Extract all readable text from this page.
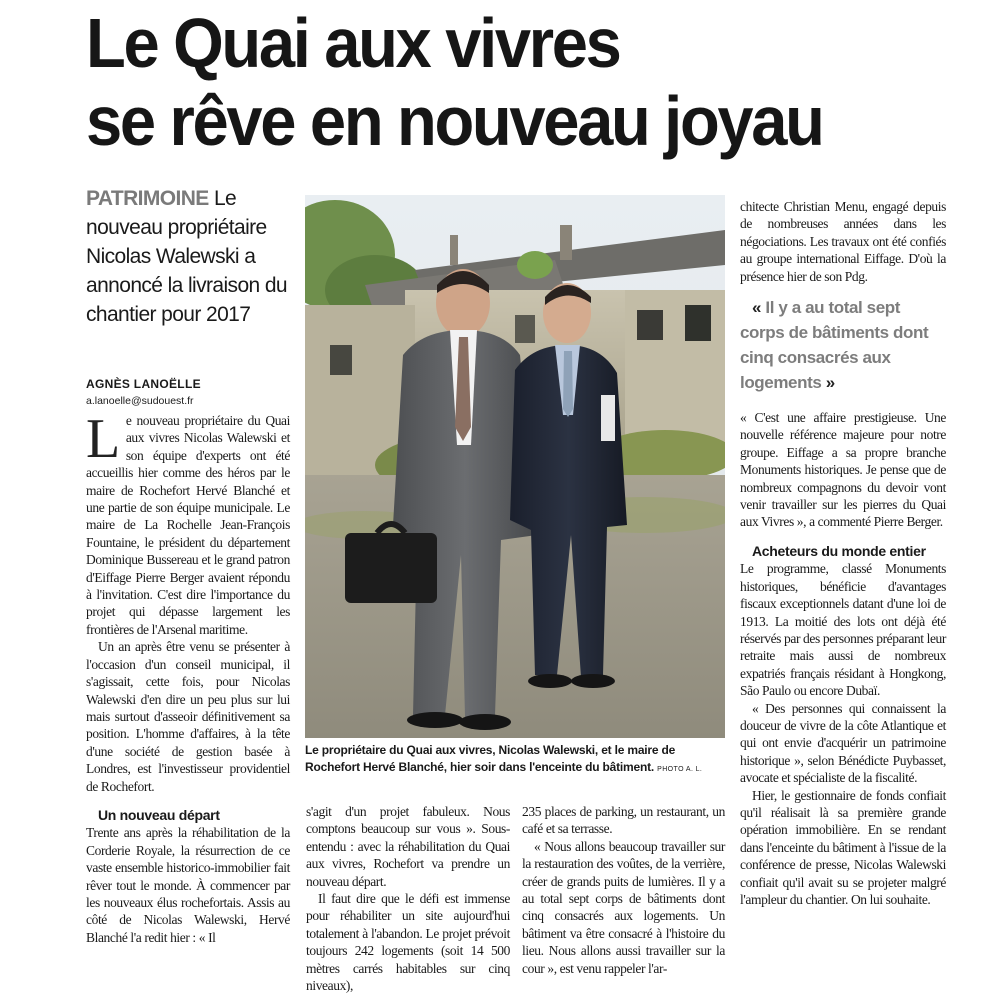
Le Quai aux vivres
se rêve en nouveau joyau
PATRIMOINE Le nouveau propriétaire Nicolas Walewski a annoncé la livraison du chantier pour 2017
AGNÈS LANOËLLE
a.lanoelle@sudouest.fr

Le nouveau propriétaire du Quai aux vivres Nicolas Walewski et son équipe d'experts ont été accueillis hier comme des héros par le maire de Rochefort Hervé Blanché et une partie de son équipe municipale. Le maire de La Rochelle Jean-François Fountaine, le président du département Dominique Bussereau et le grand patron d'Eiffage Pierre Berger avaient répondu à l'invitation. C'est dire l'importance du projet qui dépasse largement les frontières de l'Arsenal maritime.

Un an après être venu se présenter à l'occasion d'un conseil municipal, il s'agissait, cette fois, pour Nicolas Walewski d'en dire un peu plus sur lui mais surtout d'asseoir définitivement sa position. L'homme d'affaires, à la tête d'une société de gestion basée à Londres, est l'investisseur providentiel de Rochefort.

Un nouveau départ

Trente ans après la réhabilitation de la Corderie Royale, la résurrection de ce vaste ensemble historico-immobilier fait rêver tout le monde. À commencer par les nouveaux élus rochefortais. Assis au côté de Nicolas Walewski, Hervé Blanché l'a redit hier : « Il

Le propriétaire du Quai aux vivres, Nicolas Walewski, et le maire de Rochefort Hervé Blanché, hier soir dans l'enceinte du bâtiment. PHOTO A. L.

s'agit d'un projet fabuleux. Nous comptons beaucoup sur vous ». Sous-entendu : avec la réhabilitation du Quai aux vivres, Rochefort va prendre un nouveau départ.

Il faut dire que le défi est immense pour réhabiliter un site aujourd'hui totalement à l'abandon. Le projet prévoit toujours 242 logements (soit 14 500 mètres carrés habitables sur cinq niveaux),

235 places de parking, un restaurant, un café et sa terrasse.

« Nous allons beaucoup travailler sur la restauration des voûtes, de la verrière, créer de grands puits de lumières. Il y a au total sept corps de bâtiments dont cinq consacrés aux logements. Un bâtiment va être consacré à l'histoire du lieu. Nous allons aussi travailler sur la cour », est venu rappeler l'ar-

chitecte Christian Menu, engagé depuis de nombreuses années dans les négociations. Les travaux ont été confiés au groupe international Eiffage. D'où la présence hier de son Pdg.

« Il y a au total sept corps de bâtiments dont cinq consacrés aux logements »

« C'est une affaire prestigieuse. Une nouvelle référence majeure pour notre groupe. Eiffage a sa propre branche Monuments historiques. Je pense que de nombreux compagnons du devoir vont venir travailler sur les pierres du Quai aux Vivres », a commenté Pierre Berger.

Acheteurs du monde entier

Le programme, classé Monuments historiques, bénéficie d'avantages fiscaux exceptionnels datant d'une loi de 1913. La moitié des lots ont déjà été réservés par des personnes préparant leur retraite mais aussi de nombreux expatriés français résidant à Hongkong, São Paulo ou encore Dubaï.

« Des personnes qui connaissent la douceur de vivre de la côte Atlantique et qui ont envie d'acquérir un patrimoine historique », selon Bénédicte Puybasset, avocate et spécialiste de la fiscalité.

Hier, le gestionnaire de fonds confiait qu'il réalisait là sa première grande opération immobilière. En se rendant dans l'enceinte du bâtiment à l'issue de la conférence de presse, Nicolas Walewski confiait qu'il avait su se projeter malgré l'ampleur du chantier. On lui souhaite.
